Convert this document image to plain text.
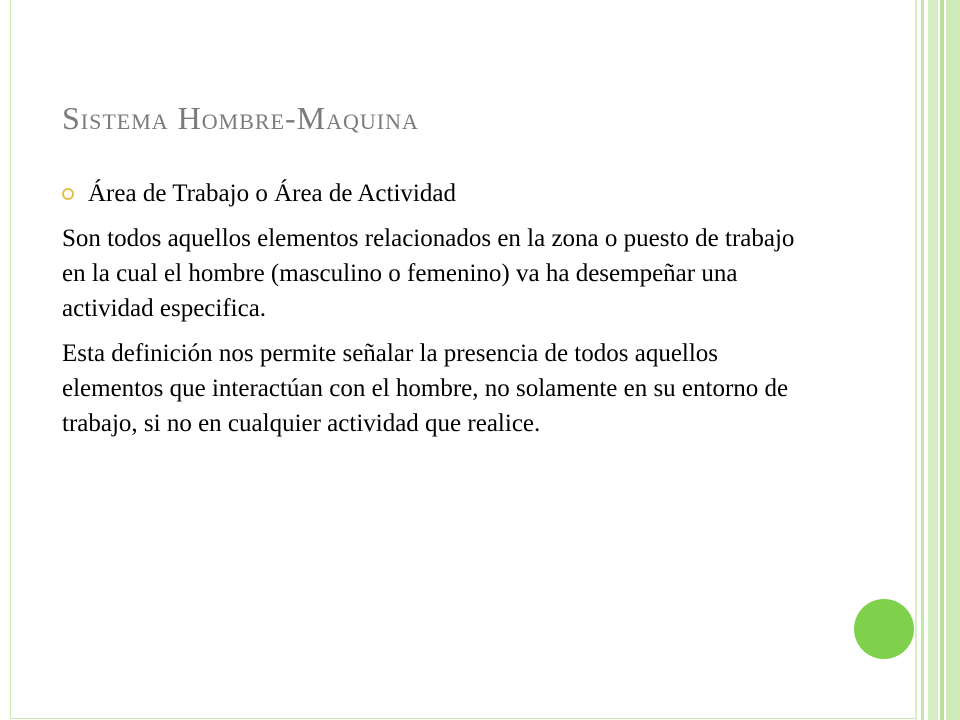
Sistema Hombre-Maquina
Área de Trabajo o Área de Actividad

Son todos aquellos elementos relacionados en la zona o puesto de trabajo en la cual el hombre (masculino o femenino) va ha desempeñar una actividad especifica.

Esta definición nos permite señalar la presencia de todos aquellos elementos que interactúan con el hombre, no solamente en su entorno de trabajo, si no en cualquier actividad que realice.
